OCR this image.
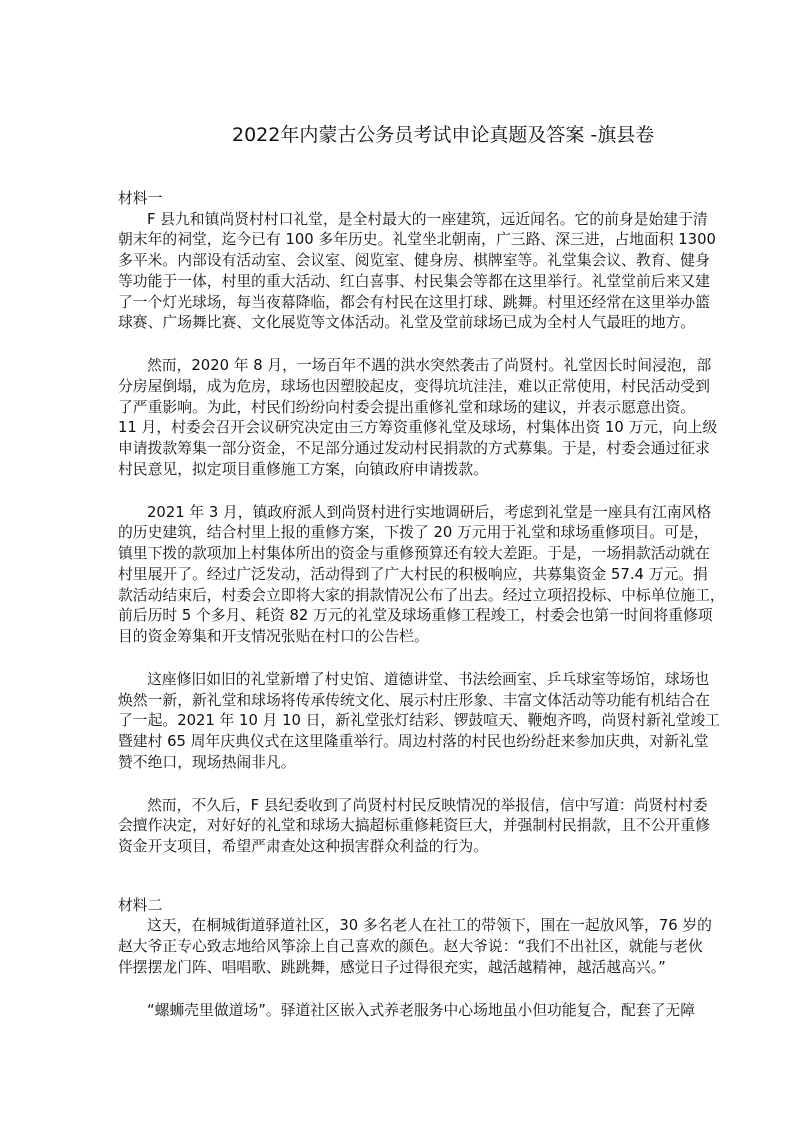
2022年内蒙古公务员考试申论真题及答案 -旗县卷
材料一
F 县九和镇尚贤村村口礼堂，是全村最大的一座建筑，远近闻名。它的前身是始建于清
朝末年的祠堂，迄今已有 100 多年历史。礼堂坐北朝南，广三路、深三进，占地面积 1300
多平米。内部设有活动室、会议室、阅览室、健身房、棋牌室等。礼堂集会议、教育、健身
等功能于一体，村里的重大活动、红白喜事、村民集会等都在这里举行。礼堂堂前后来又建
了一个灯光球场，每当夜幕降临，都会有村民在这里打球、跳舞。村里还经常在这里举办篮
球赛、广场舞比赛、文化展览等文体活动。礼堂及堂前球场已成为全村人气最旺的地方。
然而，2020 年 8 月，一场百年不遇的洪水突然袭击了尚贤村。礼堂因长时间浸泡，部
分房屋倒塌，成为危房，球场也因塑胶起皮，变得坑坑洼洼，难以正常使用，村民活动受到
了严重影响。为此，村民们纷纷向村委会提出重修礼堂和球场的建议，并表示愿意出资。
11 月，村委会召开会议研究决定由三方筹资重修礼堂及球场，村集体出资 10 万元，向上级
申请拨款筹集一部分资金，不足部分通过发动村民捐款的方式募集。于是，村委会通过征求
村民意见，拟定项目重修施工方案，向镇政府申请拨款。
2021 年 3 月，镇政府派人到尚贤村进行实地调研后，考虑到礼堂是一座具有江南风格
的历史建筑，结合村里上报的重修方案，下拨了 20 万元用于礼堂和球场重修项目。可是，
镇里下拨的款项加上村集体所出的资金与重修预算还有较大差距。于是，一场捐款活动就在
村里展开了。经过广泛发动，活动得到了广大村民的积极响应，共募集资金 57.4 万元。捐
款活动结束后，村委会立即将大家的捐款情况公布了出去。经过立项招投标、中标单位施工，
前后历时 5 个多月、耗资 82 万元的礼堂及球场重修工程竣工，村委会也第一时间将重修项
目的资金筹集和开支情况张贴在村口的公告栏。
这座修旧如旧的礼堂新增了村史馆、道德讲堂、书法绘画室、乒乓球室等场馆，球场也
焕然一新，新礼堂和球场将传承传统文化、展示村庄形象、丰富文体活动等功能有机结合在
了一起。2021 年 10 月 10 日，新礼堂张灯结彩、锣鼓喧天、鞭炮齐鸣，尚贤村新礼堂竣工
暨建村 65 周年庆典仪式在这里隆重举行。周边村落的村民也纷纷赶来参加庆典，对新礼堂
赞不绝口，现场热闹非凡。
然而，不久后，F 县纪委收到了尚贤村村民反映情况的举报信，信中写道：尚贤村村委
会擅作决定，对好好的礼堂和球场大搞超标重修耗资巨大，并强制村民捐款，且不公开重修
资金开支项目，希望严肃查处这种损害群众利益的行为。
材料二
这天，在桐城街道驿道社区，30 多名老人在社工的带领下，围在一起放风筝，76 岁的
赵大爷正专心致志地给风筝涂上自己喜欢的颜色。赵大爷说：“我们不出社区，就能与老伙
伴摆摆龙门阵、唱唱歌、跳跳舞，感觉日子过得很充实，越活越精神，越活越高兴。”
“螺蛳壳里做道场”。驿道社区嵌入式养老服务中心场地虽小但功能复合，配套了无障
